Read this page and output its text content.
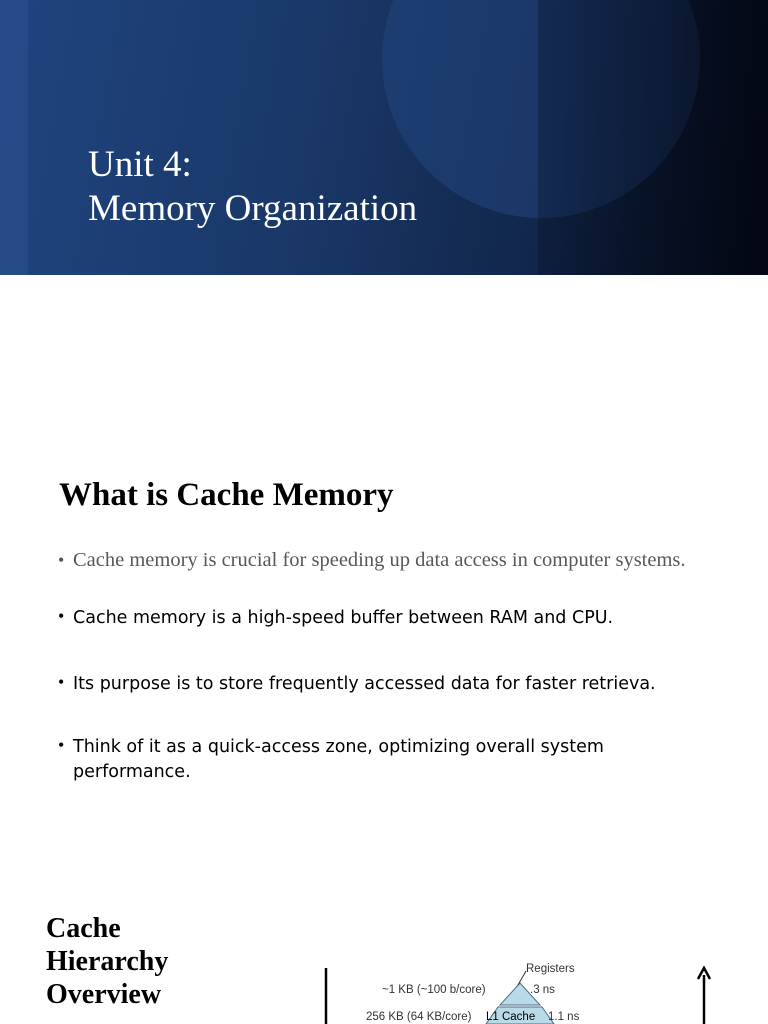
Unit 4:
Memory Organization
What is Cache Memory
• Cache memory is crucial for speeding up data access in computer systems.
• Cache memory is a high-speed buffer between RAM and CPU.
• Its purpose is to store frequently accessed data for faster retrieva.
• Think of it as a quick-access zone, optimizing overall system performance.
Cache
Hierarchy
Overview
Registers
~1 KB (~100 b/core)	.3 ns
256 KB (64 KB/core) L1 Cache 1.1 ns
